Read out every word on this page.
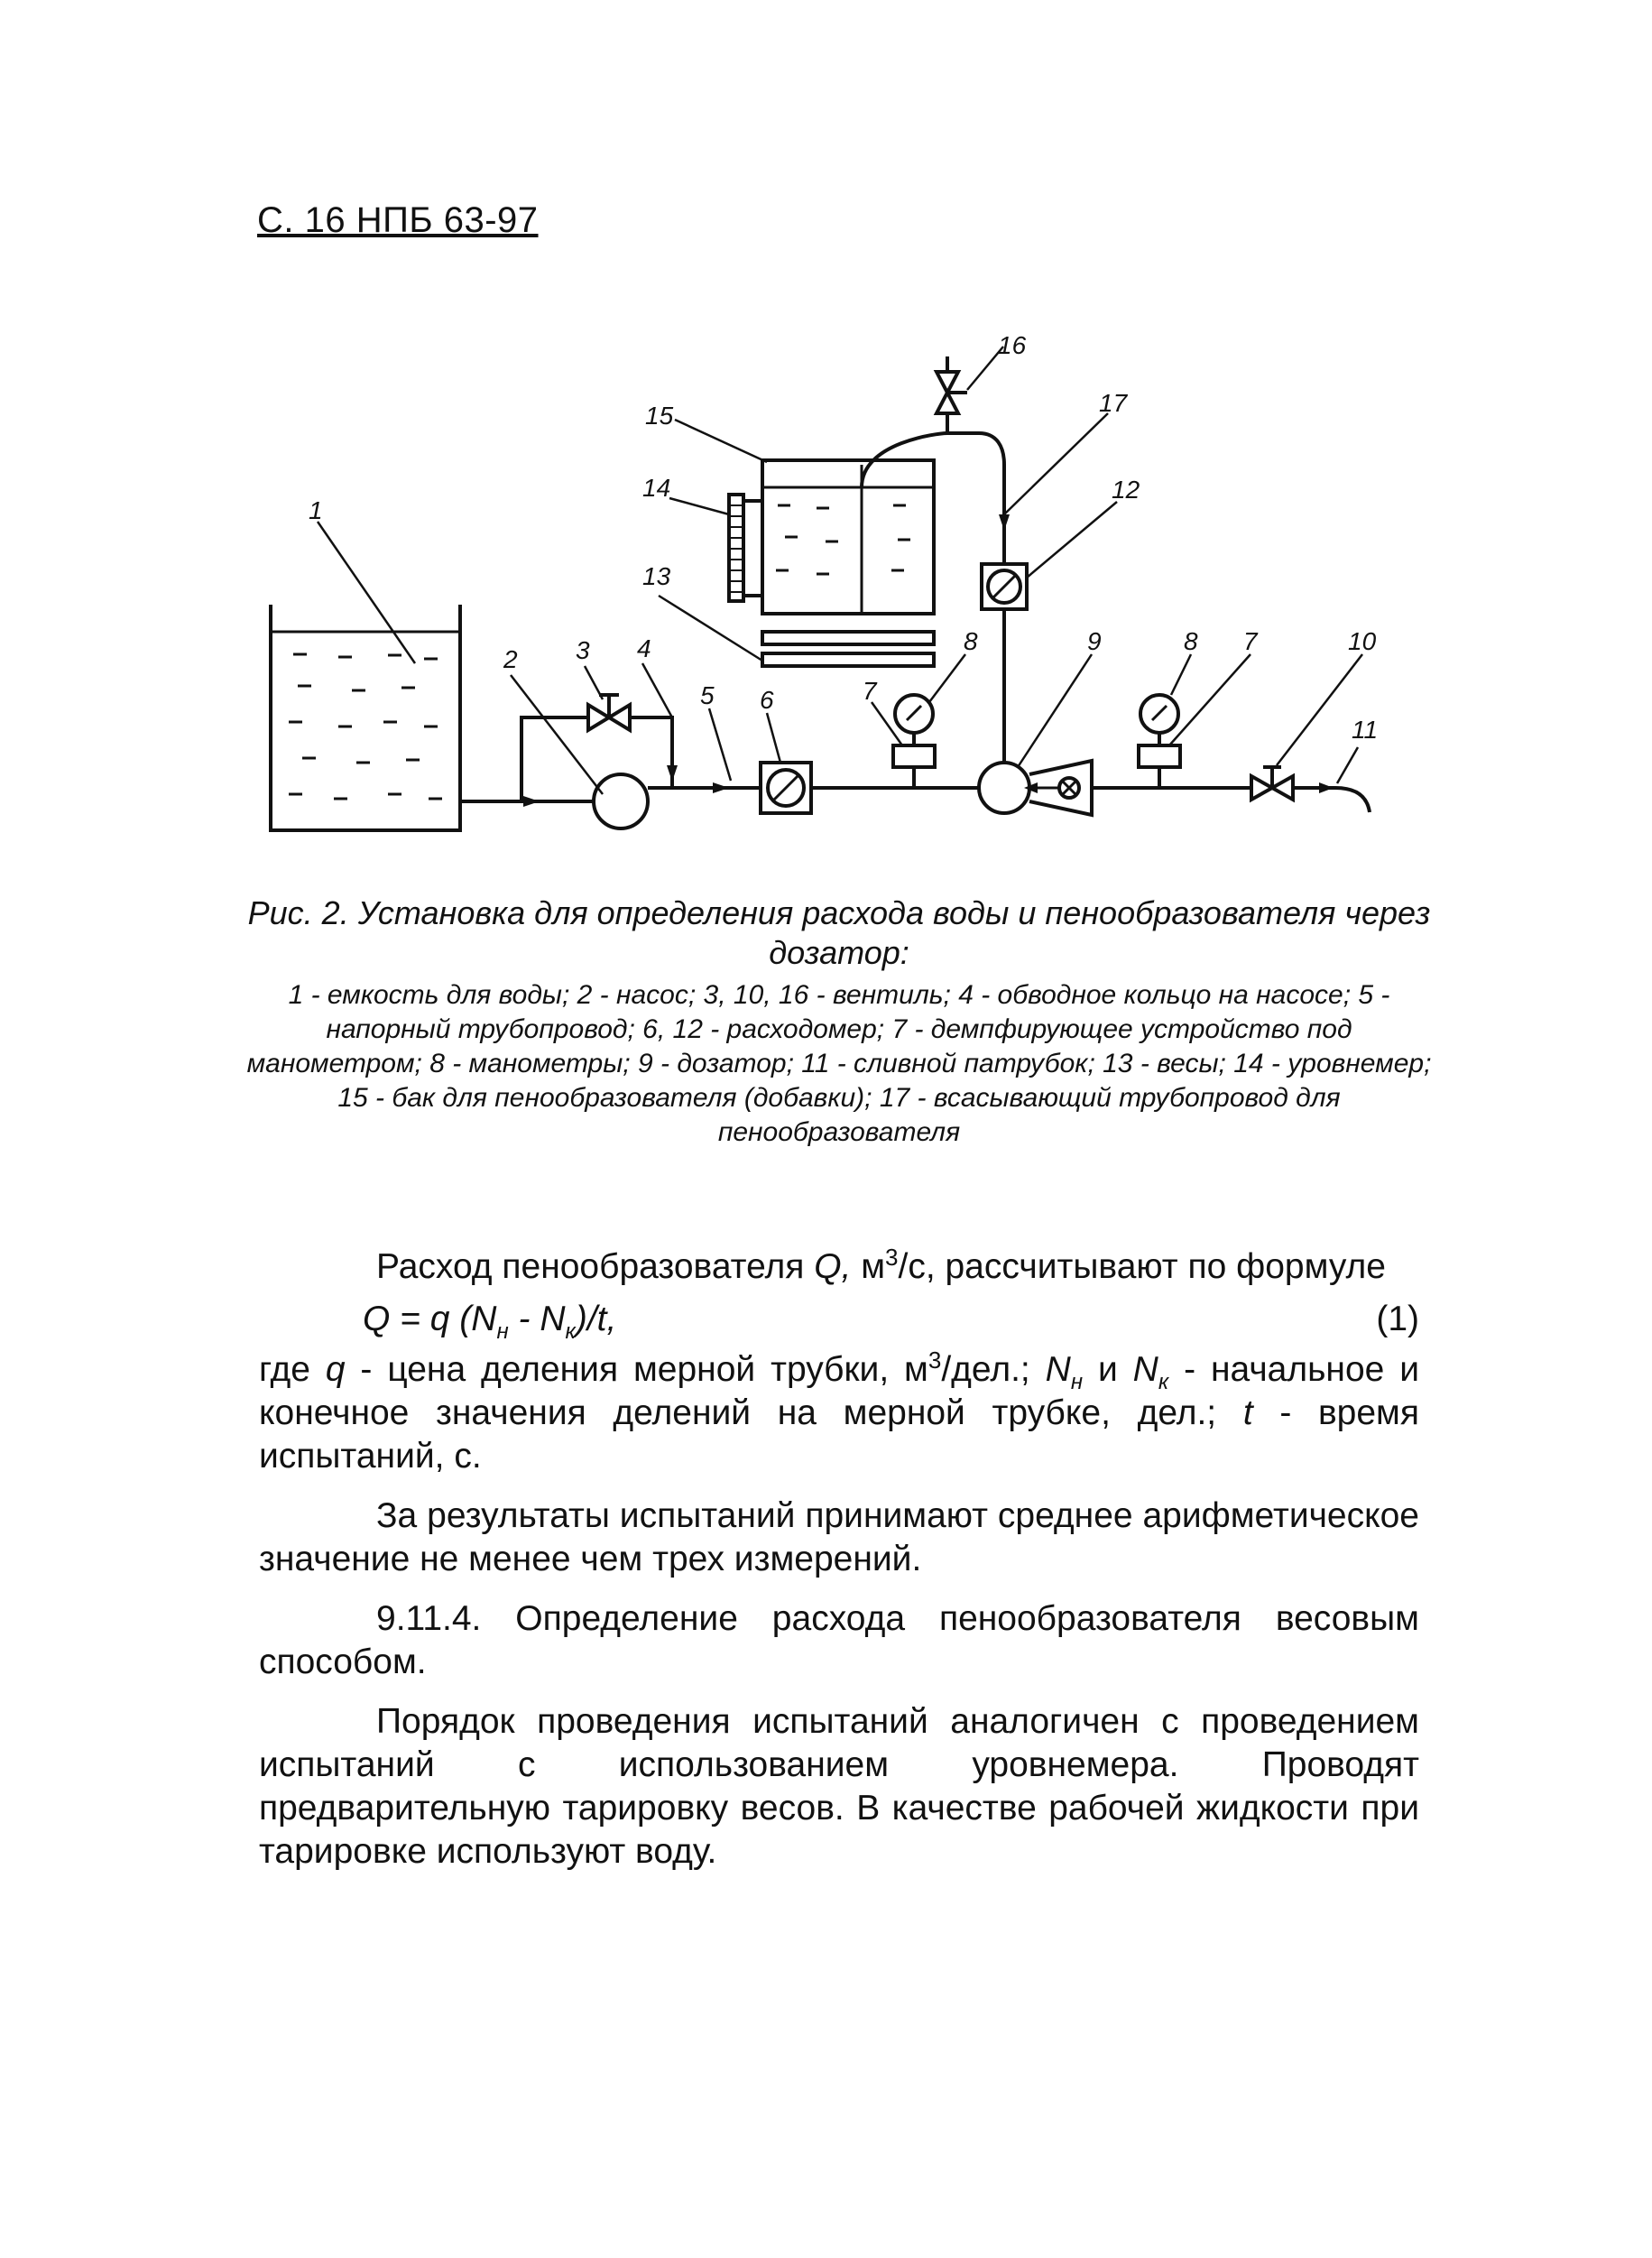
С. 16 НПБ 63-97
1
2 3 4
5 6	7
8	9	8 7	10
11
12
13
14
15
16
17
Рис. 2. Установка для определения расхода воды и пенообразователя через дозатор:
1 - емкость для воды; 2 - насос; 3, 10, 16 - вентиль; 4 - обводное кольцо на насосе; 5 - напорный трубопровод; 6, 12 - расходомер; 7 - демпфирующее устройство под манометром; 8 - манометры; 9 - дозатор; 11 - сливной патрубок; 13 - весы; 14 - уровнемер; 15 - бак для пенообразователя (добавки); 17 - всасывающий трубопровод для пенообразователя

Расход пенообразователя Q, $м^3/с$, рассчитывают по формуле

Q = q $(N_н - N_к)/t$,	(1)

где q - цена деления мерной трубки, $м^3$/дел.; $N_н$ и $N_к$ - начальное и конечное значения делений на мерной трубке, дел.; t - время испытаний, с.

За результаты испытаний принимают среднее арифметическое значение не менее чем трех измерений.

9.11.4. Определение расхода пенообразователя весовым способом.

Порядок проведения испытаний аналогичен с проведением испытаний с использованием уровнемера. Проводят предварительную тарировку весов. В качестве рабочей жидкости при тарировке используют воду.
